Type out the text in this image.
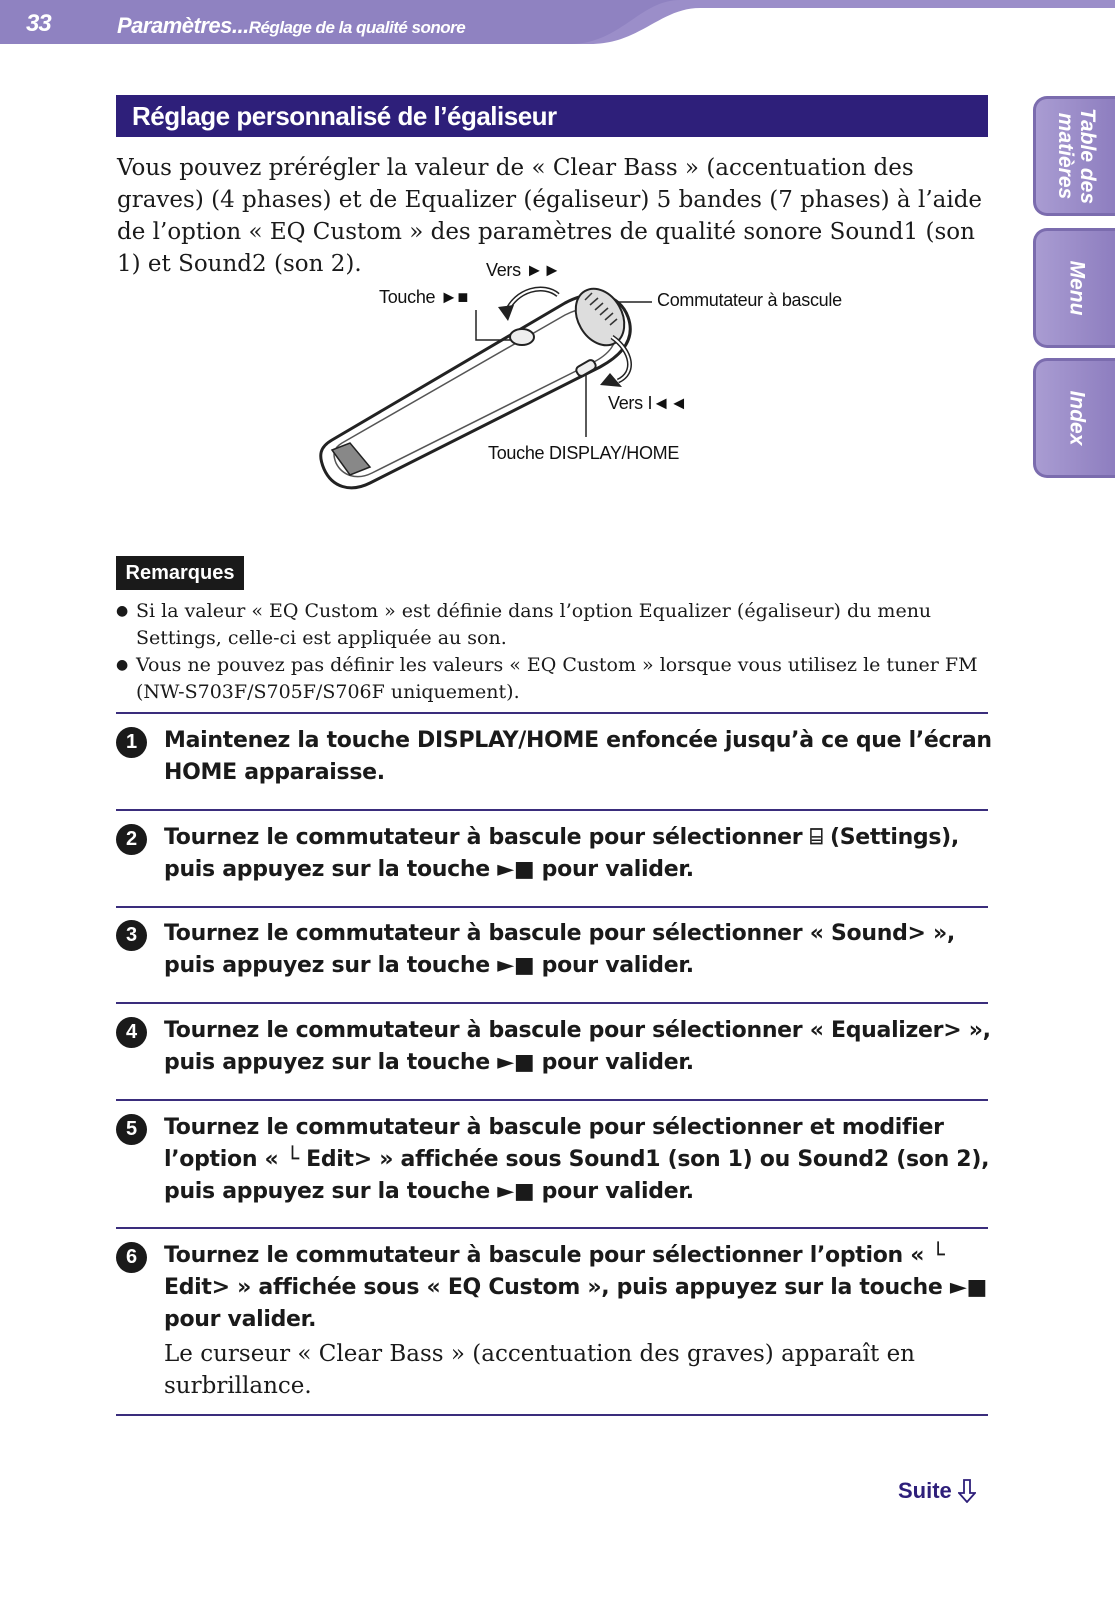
33	Paramètres...Réglage de la qualité sonore
Table des
matières
Menu
Index
Réglage personnalisé de l’égaliseur

Vous pouvez prérégler la valeur de « Clear Bass » (accentuation des graves) (4 phases) et de Equalizer (égaliseur) 5 bandes (7 phases) à l’aide de l’option « EQ Custom » des paramètres de qualité sonore Sound1 (son 1) et Sound2 (son 2).	Vers ►►
Touche ►■	Commutateur à bascule
Vers I◄◄
Touche DISPLAY/HOME
Remarques
● Si la valeur « EQ Custom » est définie dans l’option Equalizer (égaliseur) du menu Settings, celle-ci est appliquée au son.
● Vous ne pouvez pas définir les valeurs « EQ Custom » lorsque vous utilisez le tuner FM (NW-S703F/S705F/S706F uniquement).
1	Maintenez la touche DISPLAY/HOME enfoncée jusqu’à ce que l’écran HOME apparaisse.
2	Tournez le commutateur à bascule pour sélectionner ⌸ (Settings), puis appuyez sur la touche ►■ pour valider.
3	Tournez le commutateur à bascule pour sélectionner « Sound> », puis appuyez sur la touche ►■ pour valider.
4	Tournez le commutateur à bascule pour sélectionner « Equalizer> », puis appuyez sur la touche ►■ pour valider.
5	Tournez le commutateur à bascule pour sélectionner et modifier l’option « └ Edit> » affichée sous Sound1 (son 1) ou Sound2 (son 2), puis appuyez sur la touche ►■ pour valider.
6	Tournez le commutateur à bascule pour sélectionner l’option « └ Edit> » affichée sous « EQ Custom », puis appuyez sur la touche ►■ pour valider.
Le curseur « Clear Bass » (accentuation des graves) apparaît en surbrillance.
Suite
